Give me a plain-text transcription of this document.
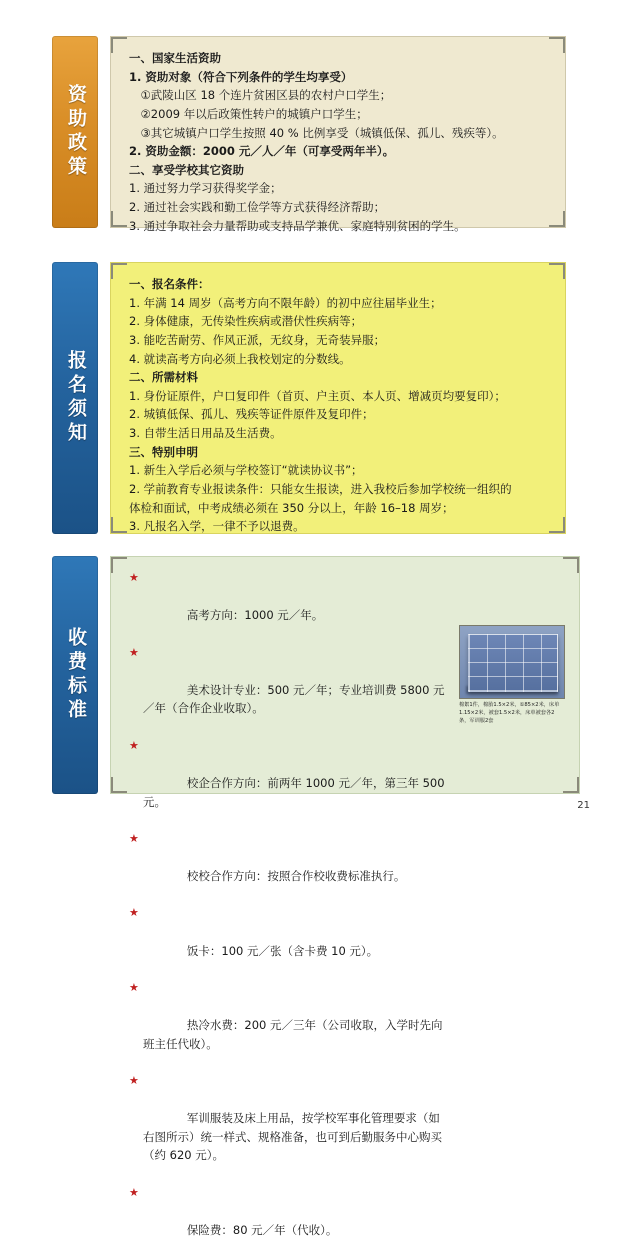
资助政策
一、国家生活资助
1. 资助对象（符合下列条件的学生均享受）
　①武陵山区 18 个连片贫困区县的农村户口学生；
　②2009 年以后政策性转户的城镇户口学生；
　③其它城镇户口学生按照 40 % 比例享受（城镇低保、孤儿、残疾等）。
2. 资助金额：2000 元／人／年（可享受两年半）。
二、享受学校其它资助
1. 通过努力学习获得奖学金；
2. 通过社会实践和勤工俭学等方式获得经济帮助；
3. 通过争取社会力量帮助或支持品学兼优、家庭特别贫困的学生。
报名须知
一、报名条件：
1. 年满 14 周岁（高考方向不限年龄）的初中应往届毕业生；
2. 身体健康，无传染性疾病或潜伏性疾病等；
3. 能吃苦耐劳、作风正派，无纹身，无奇装异服；
4. 就读高考方向必须上我校划定的分数线。
二、所需材料
1. 身份证原件，户口复印件（首页、户主页、本人页、增减页均要复印）；
2. 城镇低保、孤儿、残疾等证件原件及复印件；
3. 自带生活日用品及生活费。
三、特别申明
1. 新生入学后必须与学校签订“就读协议书”；
2. 学前教育专业报读条件：只能女生报读，进入我校后参加学校统一组织的
体检和面试，中考成绩必须在 350 分以上，年龄 16–18 周岁；
3. 凡报名入学，一律不予以退费。
收费标准

★

高考方向：1000 元／年。

★

美术设计专业：500 元／年；专业培训费 5800 元／年（合作企业收取）。

★

校企合作方向：前两年 1000 元／年，第三年 500 元。

★

校校合作方向：按照合作校收费标准执行。

★

饭卡：100 元／张（含卡费 10 元）。

★

热冷水费：200 元／三年（公司收取，入学时先向班主任代收）。

★

军训服装及床上用品，按学校军事化管理要求（如右图所示）统一样式、规格准备，也可到后勤服务中心购买（约 620 元）。

★

保险费：80 元／年（代收）。

棉絮1件，棉胎1.5×2米，①85×2米，床单1.15×2米，被套1.5×2米，床单被套各2条，军训服2套
21
